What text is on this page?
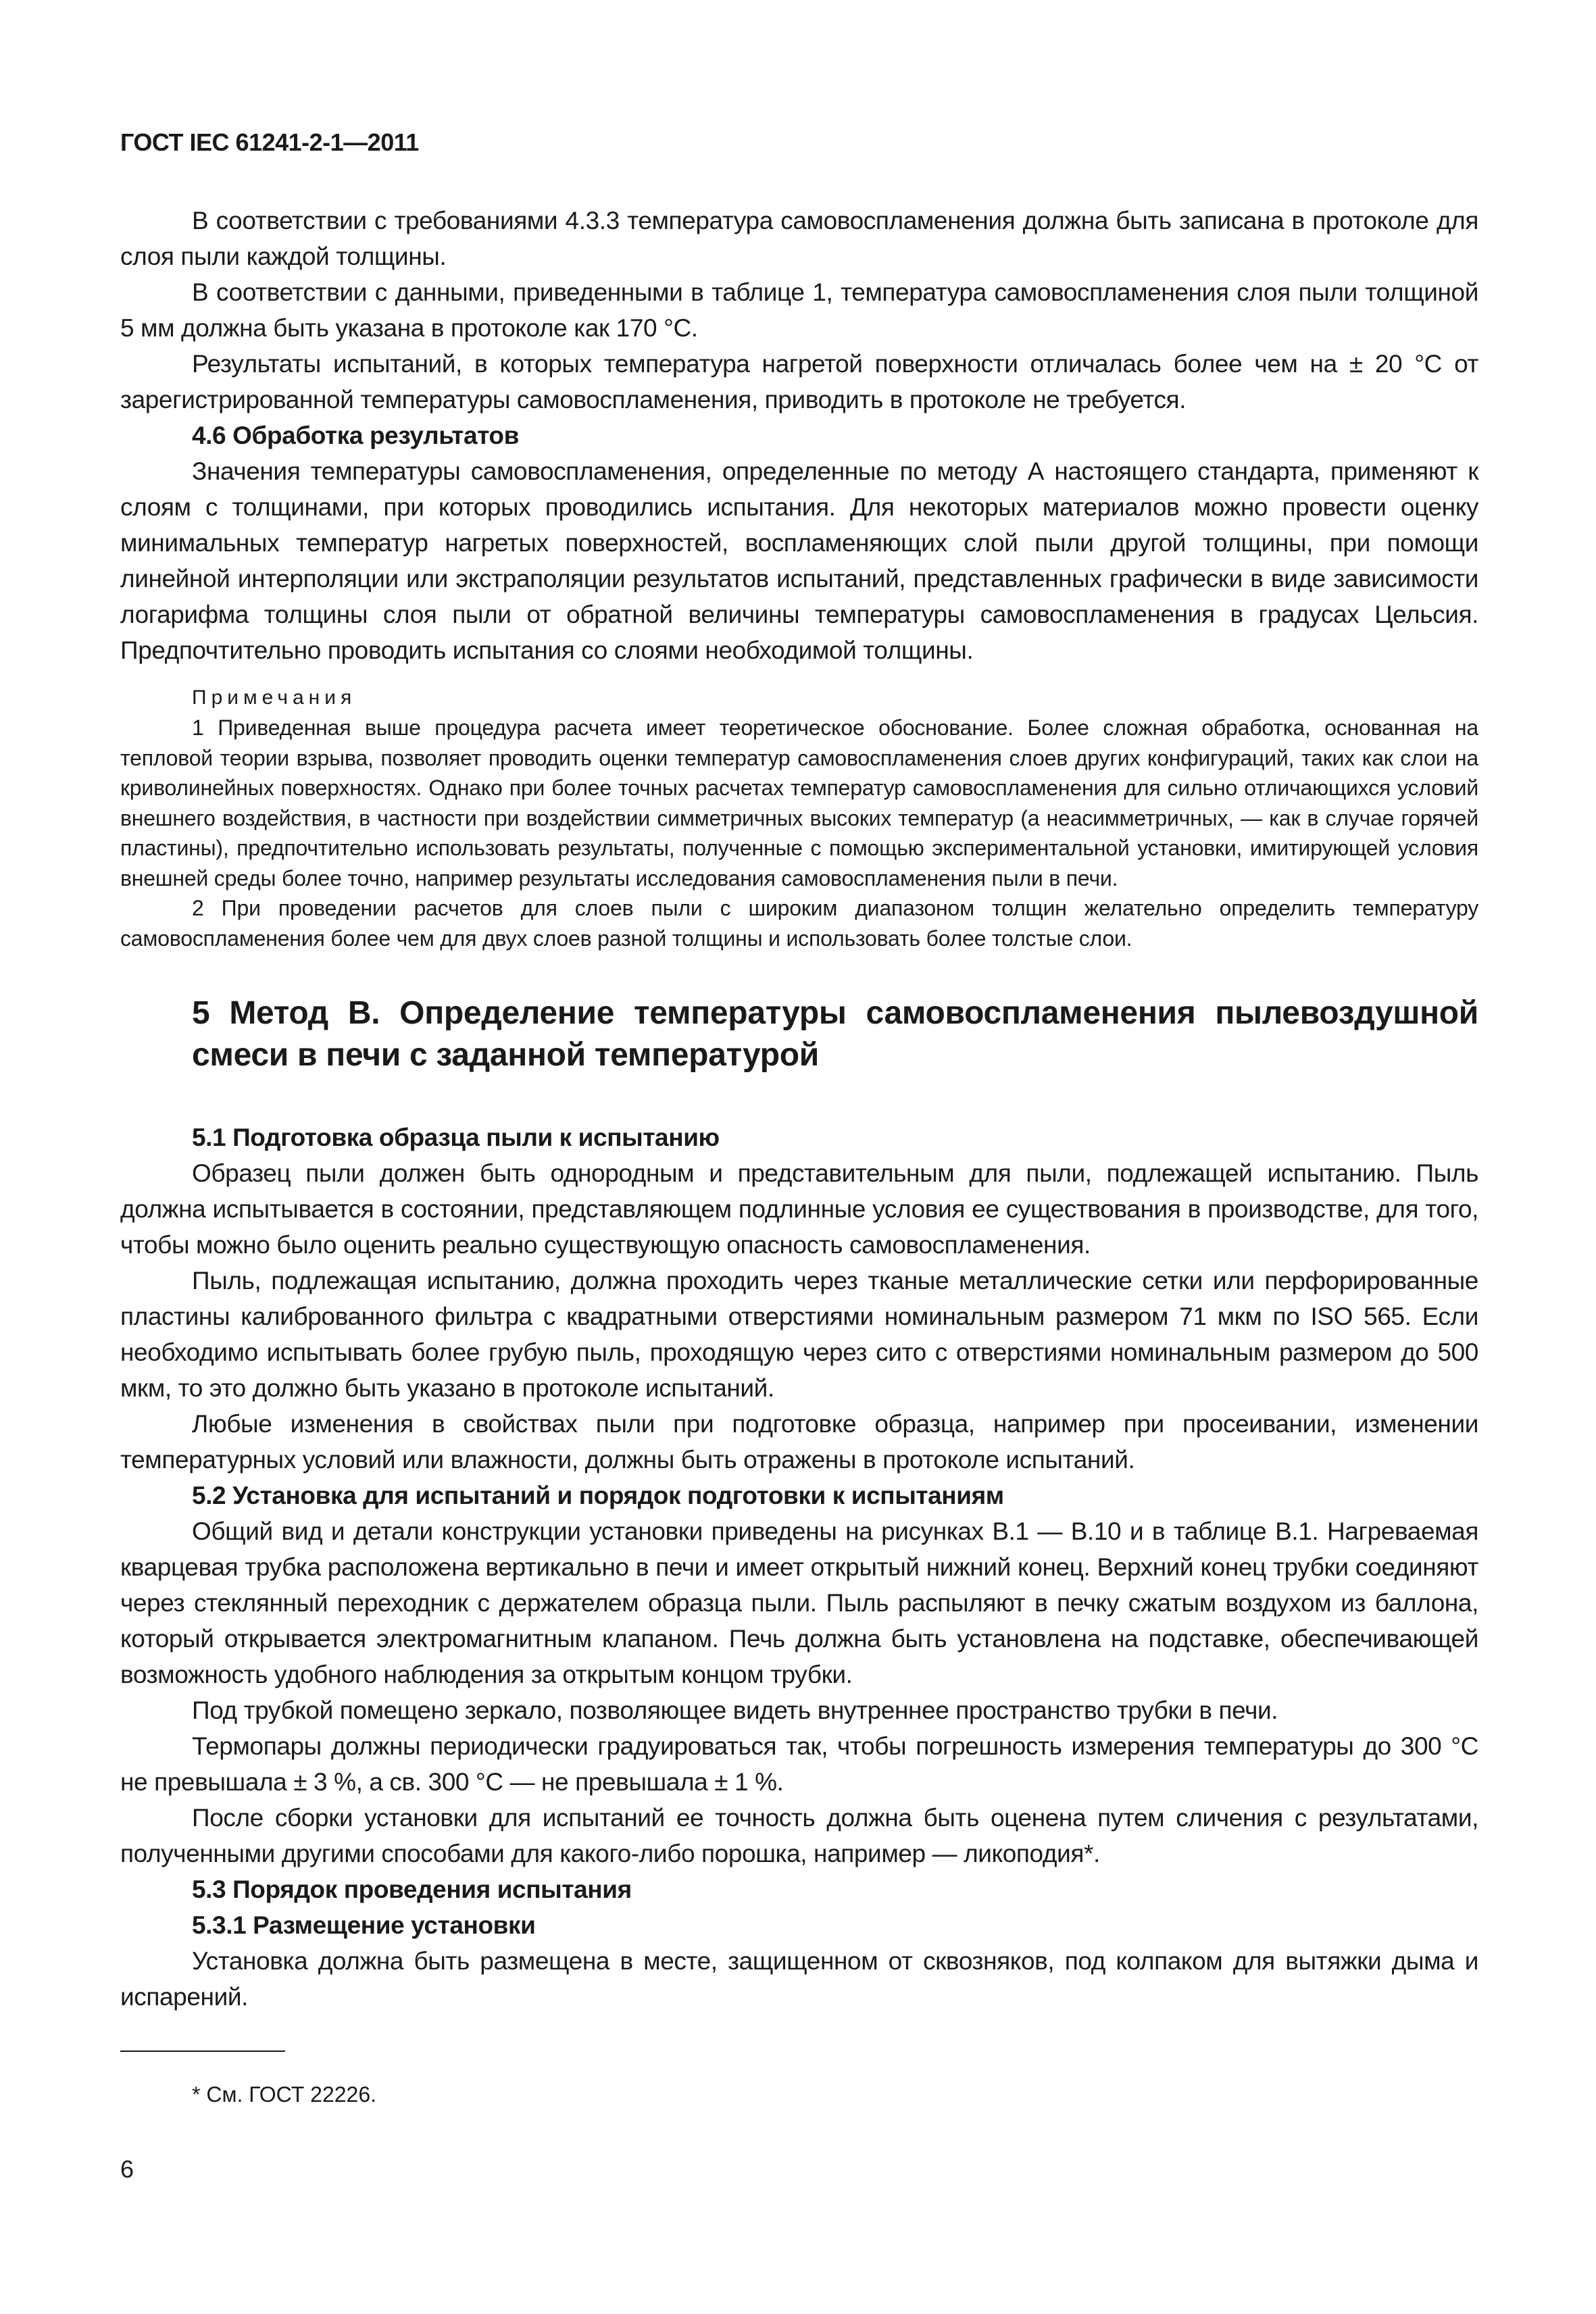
ГОСТ IEC 61241-2-1—2011

В соответствии с требованиями 4.3.3 температура самовоспламенения должна быть записана в протоколе для слоя пыли каждой толщины.

В соответствии с данными, приведенными в таблице 1, температура самовоспламенения слоя пыли толщиной 5 мм должна быть указана в протоколе как 170 °С.

Результаты испытаний, в которых температура нагретой поверхности отличалась более чем на ± 20 °С от зарегистрированной температуры самовоспламенения, приводить в протоколе не требуется.

4.6 Обработка результатов

Значения температуры самовоспламенения, определенные по методу А настоящего стандарта, применяют к слоям с толщинами, при которых проводились испытания. Для некоторых материалов можно провести оценку минимальных температур нагретых поверхностей, воспламеняющих слой пыли другой толщины, при помощи линейной интерполяции или экстраполяции результатов испытаний, представленных графически в виде зависимости логарифма толщины слоя пыли от обратной величины температуры самовоспламенения в градусах Цельсия. Предпочтительно проводить испытания со слоями необходимой толщины.

Примечания

1 Приведенная выше процедура расчета имеет теоретическое обоснование. Более сложная обработка, основанная на тепловой теории взрыва, позволяет проводить оценки температур самовоспламенения слоев других конфигураций, таких как слои на криволинейных поверхностях. Однако при более точных расчетах температур самовоспламенения для сильно отличающихся условий внешнего воздействия, в частности при воздействии симметричных высоких температур (а неасимметричных, — как в случае горячей пластины), предпочтительно использовать результаты, полученные с помощью экспериментальной установки, имитирующей условия внешней среды более точно, например результаты исследования самовоспламенения пыли в печи.

2 При проведении расчетов для слоев пыли с широким диапазоном толщин желательно определить температуру самовоспламенения более чем для двух слоев разной толщины и использовать более толстые слои.

5 Метод В. Определение температуры самовоспламенения пылевоздушной смеси в печи с заданной температурой

5.1 Подготовка образца пыли к испытанию

Образец пыли должен быть однородным и представительным для пыли, подлежащей испытанию. Пыль должна испытывается в состоянии, представляющем подлинные условия ее существования в производстве, для того, чтобы можно было оценить реально существующую опасность самовоспламенения.

Пыль, подлежащая испытанию, должна проходить через тканые металлические сетки или перфорированные пластины калиброванного фильтра с квадратными отверстиями номинальным размером 71 мкм по ISO 565. Если необходимо испытывать более грубую пыль, проходящую через сито с отверстиями номинальным размером до 500 мкм, то это должно быть указано в протоколе испытаний.

Любые изменения в свойствах пыли при подготовке образца, например при просеивании, изменении температурных условий или влажности, должны быть отражены в протоколе испытаний.

5.2 Установка для испытаний и порядок подготовки к испытаниям

Общий вид и детали конструкции установки приведены на рисунках В.1 — В.10 и в таблице В.1. Нагреваемая кварцевая трубка расположена вертикально в печи и имеет открытый нижний конец. Верхний конец трубки соединяют через стеклянный переходник с держателем образца пыли. Пыль распыляют в печку сжатым воздухом из баллона, который открывается электромагнитным клапаном. Печь должна быть установлена на подставке, обеспечивающей возможность удобного наблюдения за открытым концом трубки.

Под трубкой помещено зеркало, позволяющее видеть внутреннее пространство трубки в печи.

Термопары должны периодически градуироваться так, чтобы погрешность измерения температуры до 300 °С не превышала ± 3 %, а св. 300 °С — не превышала ± 1 %.

После сборки установки для испытаний ее точность должна быть оценена путем сличения с результатами, полученными другими способами для какого-либо порошка, например — ликоподия*.

5.3 Порядок проведения испытания

5.3.1 Размещение установки

Установка должна быть размещена в месте, защищенном от сквозняков, под колпаком для вытяжки дыма и испарений.

* См. ГОСТ 22226.
6
